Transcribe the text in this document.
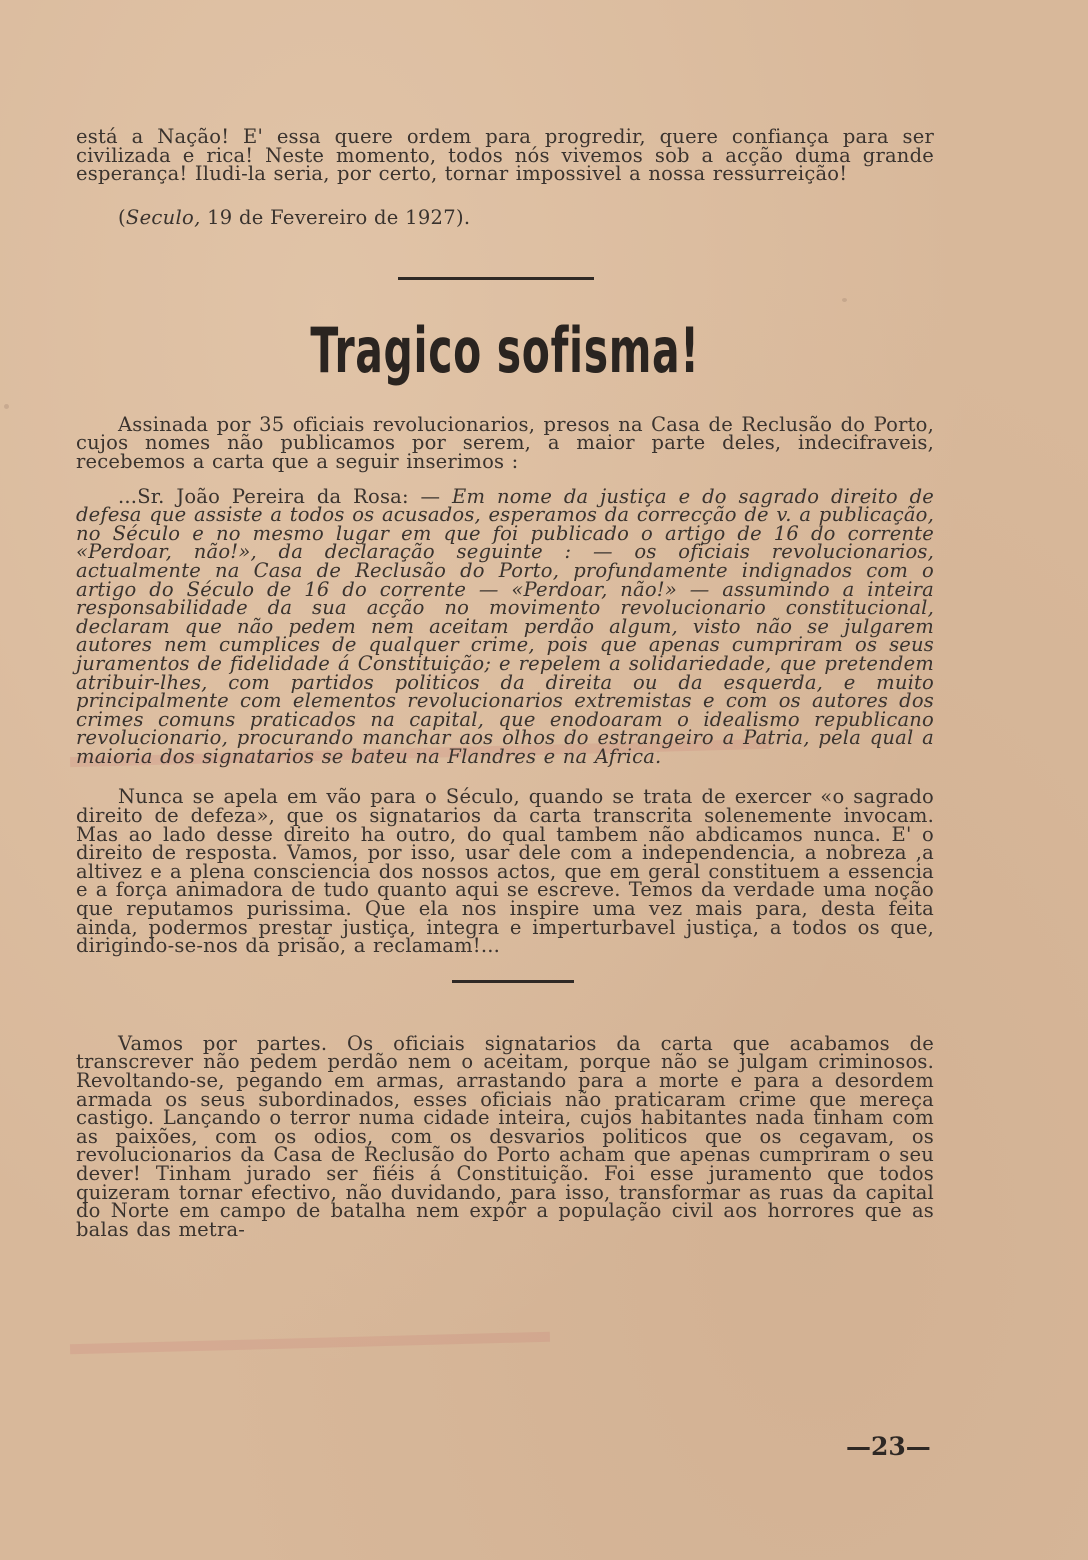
está a Nação! E' essa quere ordem para progredir, quere confiança para ser civilizada e rica! Neste momento, todos nós vivemos sob a acção duma grande esperança! Iludi-la seria, por certo, tornar impossivel a nossa ressurreição!

(Seculo, 19 de Fevereiro de 1927).

Tragico sofisma!

Assinada por 35 oficiais revolucionarios, presos na Casa de Reclusão do Porto, cujos nomes não publicamos por serem, a maior parte deles, indecifraveis, recebemos a carta que a seguir inserimos :

...Sr. João Pereira da Rosa: — Em nome da justiça e do sagrado direito de defesa que assiste a todos os acusados, esperamos da correcção de v. a publicação, no Século e no mesmo lugar em que foi publicado o artigo de 16 do corrente «Perdoar, não!», da declaração seguinte : — os oficiais revolucionarios, actualmente na Casa de Reclusão do Porto, profundamente indignados com o artigo do Século de 16 do corrente — «Perdoar, não!» — assumindo a inteira responsabilidade da sua acção no movimento revolucionario constitucional, declaram que não pedem nem aceitam perdão algum, visto não se julgarem autores nem cumplices de qualquer crime, pois que apenas cumpriram os seus juramentos de fidelidade á Constituição; e repelem a solidariedade, que pretendem atribuir-lhes, com partidos politicos da direita ou da esquerda, e muito principalmente com elementos revolucionarios extremistas e com os autores dos crimes comuns praticados na capital, que enodoaram o idealismo republicano revolucionario, procurando manchar aos olhos do estrangeiro a Patria, pela qual a maioria dos signatarios se bateu na Flandres e na Africa.

Nunca se apela em vão para o Século, quando se trata de exercer «o sagrado direito de defeza», que os signatarios da carta transcrita solenemente invocam. Mas ao lado desse direito ha outro, do qual tambem não abdicamos nunca. E' o direito de resposta. Vamos, por isso, usar dele com a independencia, a nobreza ,a altivez e a plena consciencia dos nossos actos, que em geral constituem a essencia e a força animadora de tudo quanto aqui se escreve. Temos da verdade uma noção que reputamos purissima. Que ela nos inspire uma vez mais para, desta feita ainda, podermos prestar justiça, integra e imperturbavel justiça, a todos os que, dirigindo-se-nos da prisão, a reclamam!...

Vamos por partes. Os oficiais signatarios da carta que acabamos de transcrever não pedem perdão nem o aceitam, porque não se julgam criminosos. Revoltando-se, pegando em armas, arrastando para a morte e para a desordem armada os seus subordinados, esses oficiais não praticaram crime que mereça castigo. Lançando o terror numa cidade inteira, cujos habitantes nada tinham com as paixões, com os odios, com os desvarios politicos que os cegavam, os revolucionarios da Casa de Reclusão do Porto acham que apenas cumpriram o seu dever! Tinham jurado ser fiéis á Constituição. Foi esse juramento que todos quizeram tornar efectivo, não duvidando, para isso, transformar as ruas da capital do Norte em campo de batalha nem expôr a população civil aos horrores que as balas das metra-

—23—
